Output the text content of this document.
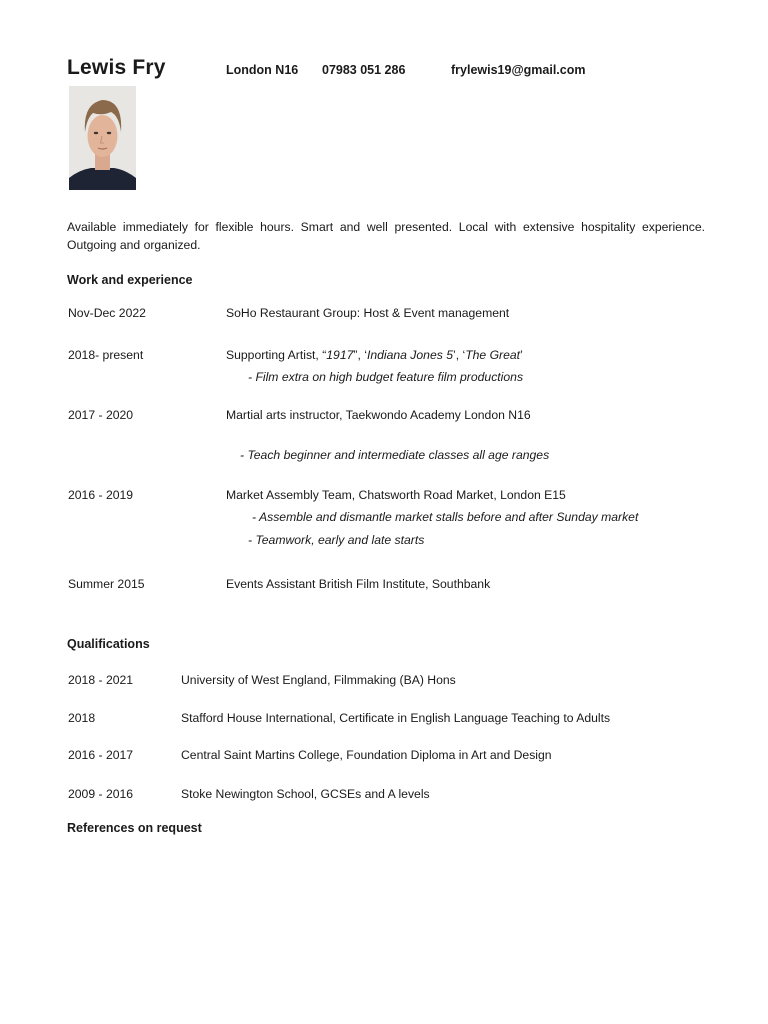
Lewis Fry	London N16 07983 051 286	frylewis19@gmail.com
Available immediately for flexible hours. Smart and well presented. Local with extensive hospitality experience. Outgoing and organized.
Work and experience
Nov-Dec 2022	SoHo Restaurant Group: Host & Event management
2018- present	Supporting Artist, “1917”, ‘Indiana Jones 5’, ‘The Great’
- Film extra on high budget feature film productions
2017 - 2020	Martial arts instructor, Taekwondo Academy London N16
- Teach beginner and intermediate classes all age ranges
2016 - 2019	Market Assembly Team, Chatsworth Road Market, London E15
- Assemble and dismantle market stalls before and after Sunday market
- Teamwork, early and late starts
Summer 2015	Events Assistant British Film Institute, Southbank
Qualifications
2018 - 2021	University of West England, Filmmaking (BA) Hons
2018	Stafford House International, Certificate in English Language Teaching to Adults
2016 - 2017	Central Saint Martins College, Foundation Diploma in Art and Design
2009 - 2016	Stoke Newington School, GCSEs and A levels
References on request
